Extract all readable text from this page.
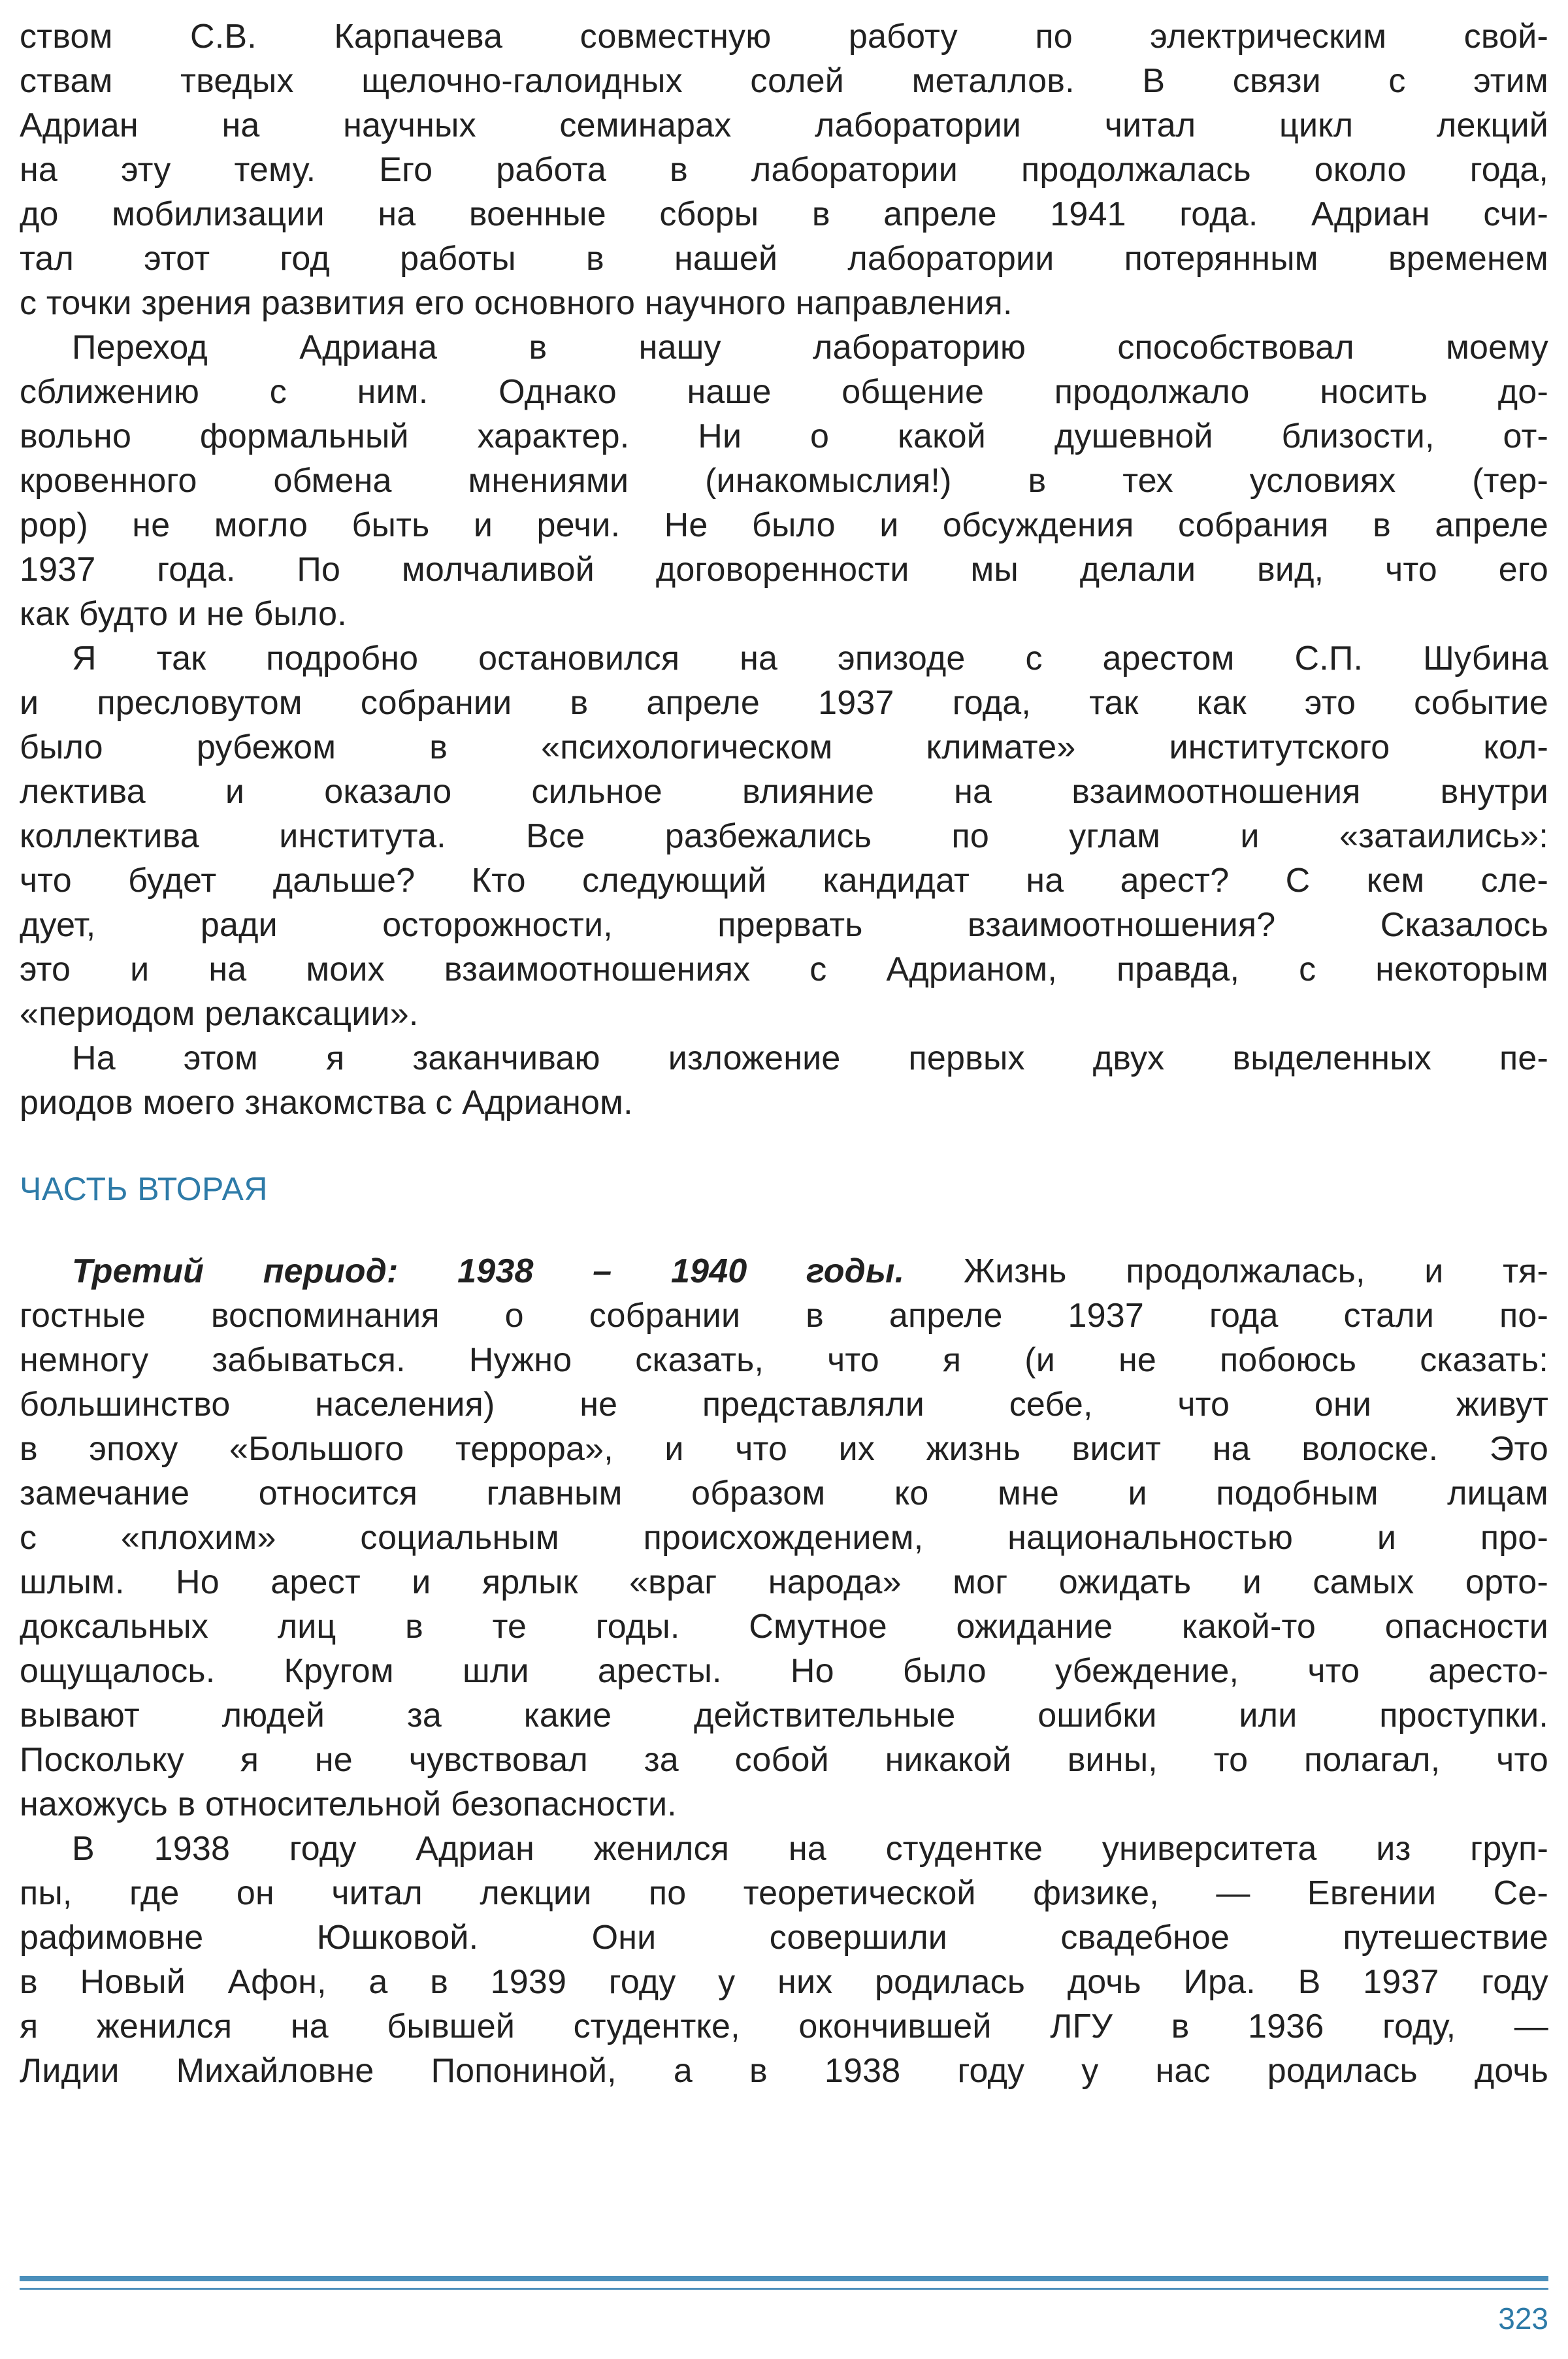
ством С.В. Карпачева совместную работу по электрическим свой-
ствам тведых щелочно-галоидных солей металлов. В связи с этим
Адриан на научных семинарах лаборатории читал цикл лекций
на эту тему. Его работа в лаборатории продолжалась около года,
до мобилизации на военные сборы в апреле 1941 года. Адриан счи-
тал этот год работы в нашей лаборатории потерянным временем
с точки зрения развития его основного научного направления.
Переход Адриана в нашу лабораторию способствовал моему
сближению с ним. Однако наше общение продолжало носить до-
вольно формальный характер. Ни о какой душевной близости, от-
кровенного обмена мнениями (инакомыслия!) в тех условиях (тер-
рор) не могло быть и речи. Не было и обсуждения собрания в апреле
1937 года. По молчаливой договоренности мы делали вид, что его
как будто и не было.
Я так подробно остановился на эпизоде с арестом С.П. Шубина
и пресловутом собрании в апреле 1937 года, так как это событие
было рубежом в «психологическом климате» институтского кол-
лектива и оказало сильное влияние на взаимоотношения внутри
коллектива института. Все разбежались по углам и «затаились»:
что будет дальше? Кто следующий кандидат на арест? С кем сле-
дует, ради осторожности, прервать взаимоотношения? Сказалось
это и на моих взаимоотношениях с Адрианом, правда, с некоторым
«периодом релаксации».
На этом я заканчиваю изложение первых двух выделенных пе-
риодов моего знакомства с Адрианом.
ЧАСТЬ ВТОРАЯ
Третий период: 1938 – 1940 годы. Жизнь продолжалась, и тя-
гостные воспоминания о собрании в апреле 1937 года стали по-
немногу забываться. Нужно сказать, что я (и не побоюсь сказать:
большинство населения) не представляли себе, что они живут
в эпоху «Большого террора», и что их жизнь висит на волоске. Это
замечание относится главным образом ко мне и подобным лицам
с «плохим» социальным происхождением, национальностью и про-
шлым. Но арест и ярлык «враг народа» мог ожидать и самых орто-
доксальных лиц в те годы. Смутное ожидание какой-то опасности
ощущалось. Кругом шли аресты. Но было убеждение, что аресто-
вывают людей за какие действительные ошибки или проступки.
Поскольку я не чувствовал за собой никакой вины, то полагал, что
нахожусь в относительной безопасности.
В 1938 году Адриан женился на студентке университета из груп-
пы, где он читал лекции по теоретической физике, — Евгении Се-
рафимовне Юшковой. Они совершили свадебное путешествие
в Новый Афон, а в 1939 году у них родилась дочь Ира. В 1937 году
я женился на бывшей студентке, окончившей ЛГУ в 1936 году, —
Лидии Михайловне Попониной, а в 1938 году у нас родилась дочь
323
